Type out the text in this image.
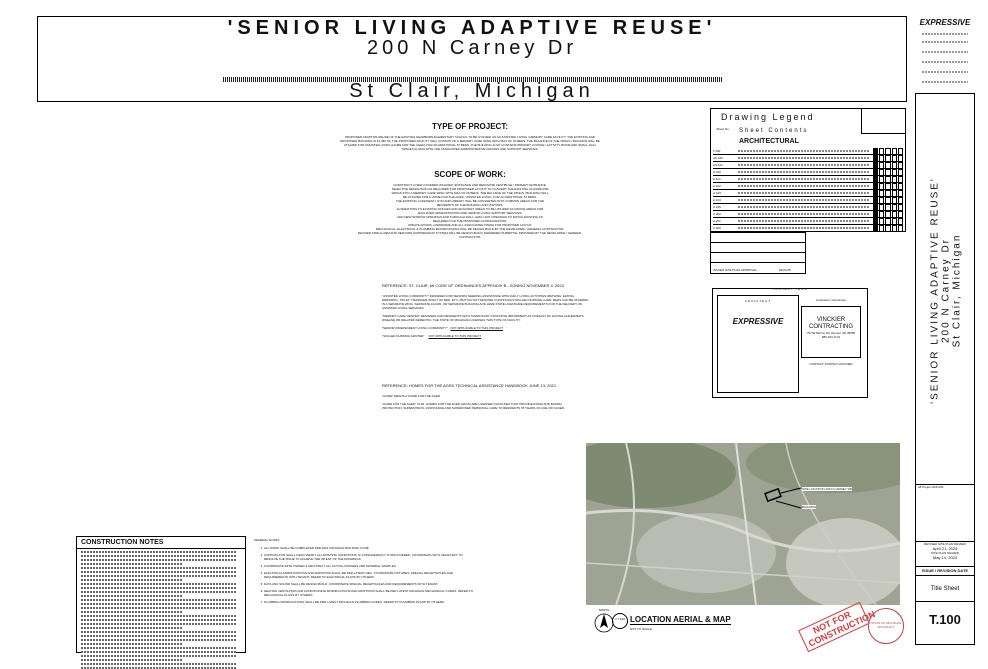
'SENIOR LIVING ADAPTIVE REUSE'
200 N Carney Dr
St Clair, Michigan
TYPE OF PROJECT:
PROPOSED ADAPTIVE REUSE OF THE EXISTING DEARBORN ELEMENTARY SCHOOL TO BE UTILIZED AS AN ASSISTED LIVING / MEMORY CARE FACILITY. THE EXISTING AND PROPOSED BUILDING IS 61,486 SF. THE PROPOSED FACILITY WILL CONSIST OF A MEMORY CARE WING WITH MAX OF 26 BEDS. THE BALANCE OF THE WINGS / BUILDING WILL BE UTILIZED FOR ASSISTED LIVING (HOME FOR THE AGED) FOR AN ADDITIONAL 57 BEDS. THE BUILDING ALSO CONTAINS PRIMARY LOUNGE / ACTIVITY ROOM AND SMALL HALL SPACES ALONG WITH THE ASSOCIATED ADMINISTRATIVE OFFICES AND SUPPORT SERVICES.
SCOPE OF WORK:
CONSTRUCT A NEW COVERED WALKWAY ENTRANCE AND RENOVATE VESTIBULE / PRIMARY ENTRANCE.
SELECTIVE DEMOLITION AS REQUIRED FOR PROPOSED LAYOUT TO CONVERT THE EXISTING CLASSROOM
WINGS INTO A MEMORY CARE WING WITH MAX OF 26 BEDS. THE BALANCE OF THE WINGS / BUILDING WILL
BE UTILIZED FOR A HOME FOR THE AGED / ASSISTED LIVING, FOR AN ADDITIONAL 57 BEDS.
THE EXISTING CAFETERIA / GYM AND LIBRARY WILL BE CONVERTED INTO COMMON AREAS FOR THE
RESIDENTS OF THE BUILDING AND VISITORS.
ALTERATIONS TO EXISTING OFFICES AND ADJACENT AREAS TO BE UTILIZED AS OFFICE AREAS FOR
AFFILIATED ADMINISTRATION AND SENIOR LIVING SUPPORT SERVICES.
ADD NEW WINDOW OPENINGS AND THROUGH WALL HVAC UNIT OPENINGS TO MATCH EXISTING AS
REQUIRED FOR THE PROPOSED CONFIGURATION.
UPDATE DOORS, HARDWARE AND ALL ASSOCIATED FINISH FOR PROPOSED LAYOUT.
MECHANICAL, ELECTRICAL & PLUMBING MODIFICATIONS WILL BE DESIGN BUILD BY THE DEVELOPER / GENERAL CONTRACTOR.
REVISED FIRE ALARM AND NEW FIRE SUPPRESSION SYSTEM WILL BE DESIGN BUILD; DEFERRED SUBMITTAL PROVIDED BY THE DEVELOPER / GENERAL CONTRACTOR.
REFERENCE: ST. CLAIR, MI CODE OF ORDINANCES APPENDIX B - ZONING NOVEMBER 4, 2024
"ASSISTED LIVING COMMUNITY" DESIGNED FOR SENIORS NEEDING ASSISTANCE WITH DAILY LIVING ACTIVITIES (BATHING, EATING, DRESSING, TOILET, TRANSFER IN/OUT OF BED, ETC.) BUT DO NOT REQUIRE CONTINUOUS SKILLED NURSING CARE. BEDS CAN BE OFFERED IN A SEPARATE WING, SEPARATE FLOOR, OR SEPARATE BUILDING AND HAVE STATE LICENSURE REQUIREMENTS FOR THE DELIVERY OF ASSISTED LIVING SERVICES.
"MEMORY CARE CENTER" DESIGNED FOR RESIDENTS WITH SIGNIFICANT COGNITIVE IMPAIRMENT AS A RESULT OF HAVING ALZHEIMER'S DISEASE OR RELATED DEMENTIA. THE STATE OF MICHIGAN LICENSES THIS TYPE OF FACILITY.
"SENIOR INDEPENDENT LIVING COMMUNITY" NOT APPLICABLE TO THIS PROJECT
"SKILLED NURSING CENTER" NOT APPLICABLE TO THIS PROJECT
REFERENCE: HOMES FOR THE AGED TECHNICAL ASSISTANCE HANDBOOK JUNE 13, 2021
"HOME" MEANS A HOME FOR THE AGED.
"HOME FOR THE AGED" IN MI, HOMES FOR THE AGED (HFAS) ARE LICENSED FACILITIES THAT PROVIDE ROOM AND BOARD, PROTECTION, SUPERVISION, ASSISTANCE AND SUPERVISED PERSONAL CARE TO RESIDENTS 55 YEARS OF AGE OR OLDER.
Drawing Legend
Sheet No. Sheet Contents
ARCHITECTURAL
T.100
AS.100
AS.101
A.100
A.101
A.102
A.103
A.104
A.105
A.200
A.201
A.300
ISSUED SITE PLAN APPROVAL	04/21/25
PROJECT TEAM
ARCHITECT
EXPRESSIVE
Contractor / Developer
VINCKIER CONTRACTING
79740 Mohus Rd, Romeo, MI 48065
586.294.7131
CONTACT: PATRICK VINCKIER
SITE LOCATION 200 N CARNEY DR
BUILDING
NORTH
1 T.100 LOCATION AERIAL & MAP
NOT TO SCALE
CONSTRUCTION NOTES	GENERAL NOTES
1. ALL WORK SHALL BE COMPLETED PER 2021 MICHIGAN BUILDING CODE
2. CONTRACTOR SHALL FIELD VERIFY ALL EXISTING CONDITIONS. IF A DISCREPANCY IS DISCOVERED, COORDINATE WITH ARCHITECT TO RESOLVE THE ISSUE TO ACHIEVE THE INTENT OF THE DRAWINGS.
3. COORDINATE WITH OWNER & ARCHITECT ALL ACTUAL FINISHES AND MATERIAL SAMPLES.
4. ELECTRICAL MODIFICATIONS AND ADDITIONS SHALL BE PER LATEST NEC. COORDINATE FIXTURES, SPECIAL RECEPTACLES AND REQUIREMENTS WITH TENANT. REFER TO ELECTRICAL PLANS BY OTHERS.
5. DATA AND SOUND SHALL BE DESIGN BUILD. COORDINATE SPECIAL RECEPTACLES AND REQUIREMENTS WITH TENANT.
6. HEATING VENTILATION AIR CONDITIONING MODIFICATIONS AND ADDITIONS SHALL BE PER LATEST MICHIGAN MECHANICAL CODES. REFER TO MECHANICAL PLANS BY OTHERS.
7. PLUMBING MODIFICATIONS SHALL BE PER LATEST MICHIGAN PLUMBING CODES. REFER TO PLUMBING PLANS BY OTHERS.
NOT FOR CONSTRUCTION
STATE OF MICHIGAN ARCHITECT
EXPRESSIVE
'SENIOR LIVING ADAPTIVE REUSE' 200 N Carney Dr St Clair, Michigan
e8 Project #18-039
REVISED SITE PLAN REVIEW
April 21, 2025
SITE PLAN REVIEW
May 14, 2024
ISSUE / REVISION DATE
Title Sheet
T.100
